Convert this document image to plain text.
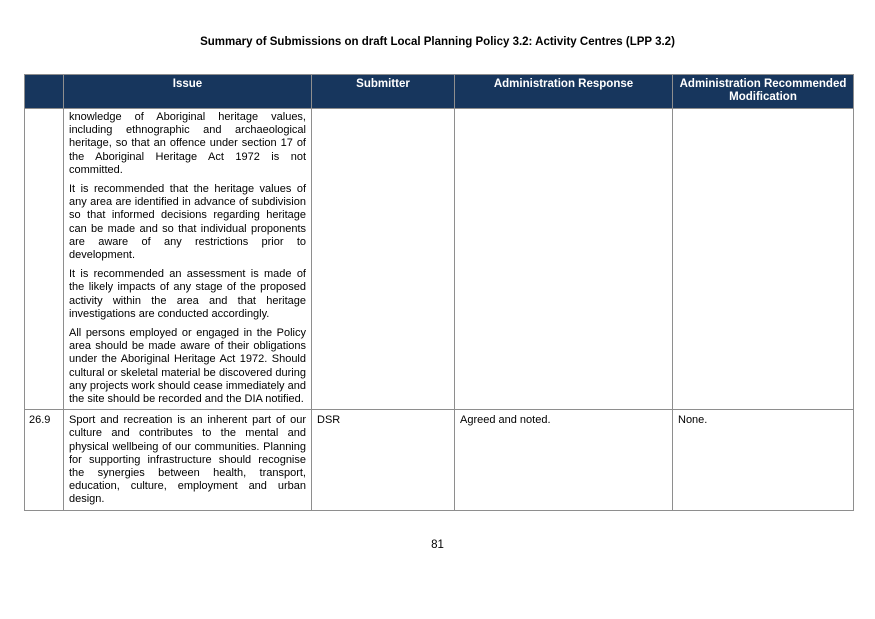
Summary of Submissions on draft Local Planning Policy 3.2: Activity Centres (LPP 3.2)
	Issue	Submitter	Administration Response	Administration Recommended Modification

	knowledge of Aboriginal heritage values, including ethnographic and archaeological heritage, so that an offence under section 17 of the Aboriginal Heritage Act 1972 is not committed.

It is recommended that the heritage values of any area are identified in advance of subdivision so that informed decisions regarding heritage can be made and so that individual proponents are aware of any restrictions prior to development.

It is recommended an assessment is made of the likely impacts of any stage of the proposed activity within the area and that heritage investigations are conducted accordingly.

All persons employed or engaged in the Policy area should be made aware of their obligations under the Aboriginal Heritage Act 1972. Should cultural or skeletal material be discovered during any projects work should cease immediately and the site should be recorded and the DIA notified.			

26.9	Sport and recreation is an inherent part of our culture and contributes to the mental and physical wellbeing of our communities. Planning for supporting infrastructure should recognise the synergies between health, transport, education, culture, employment and urban design.	DSR	Agreed and noted.	None.
81
